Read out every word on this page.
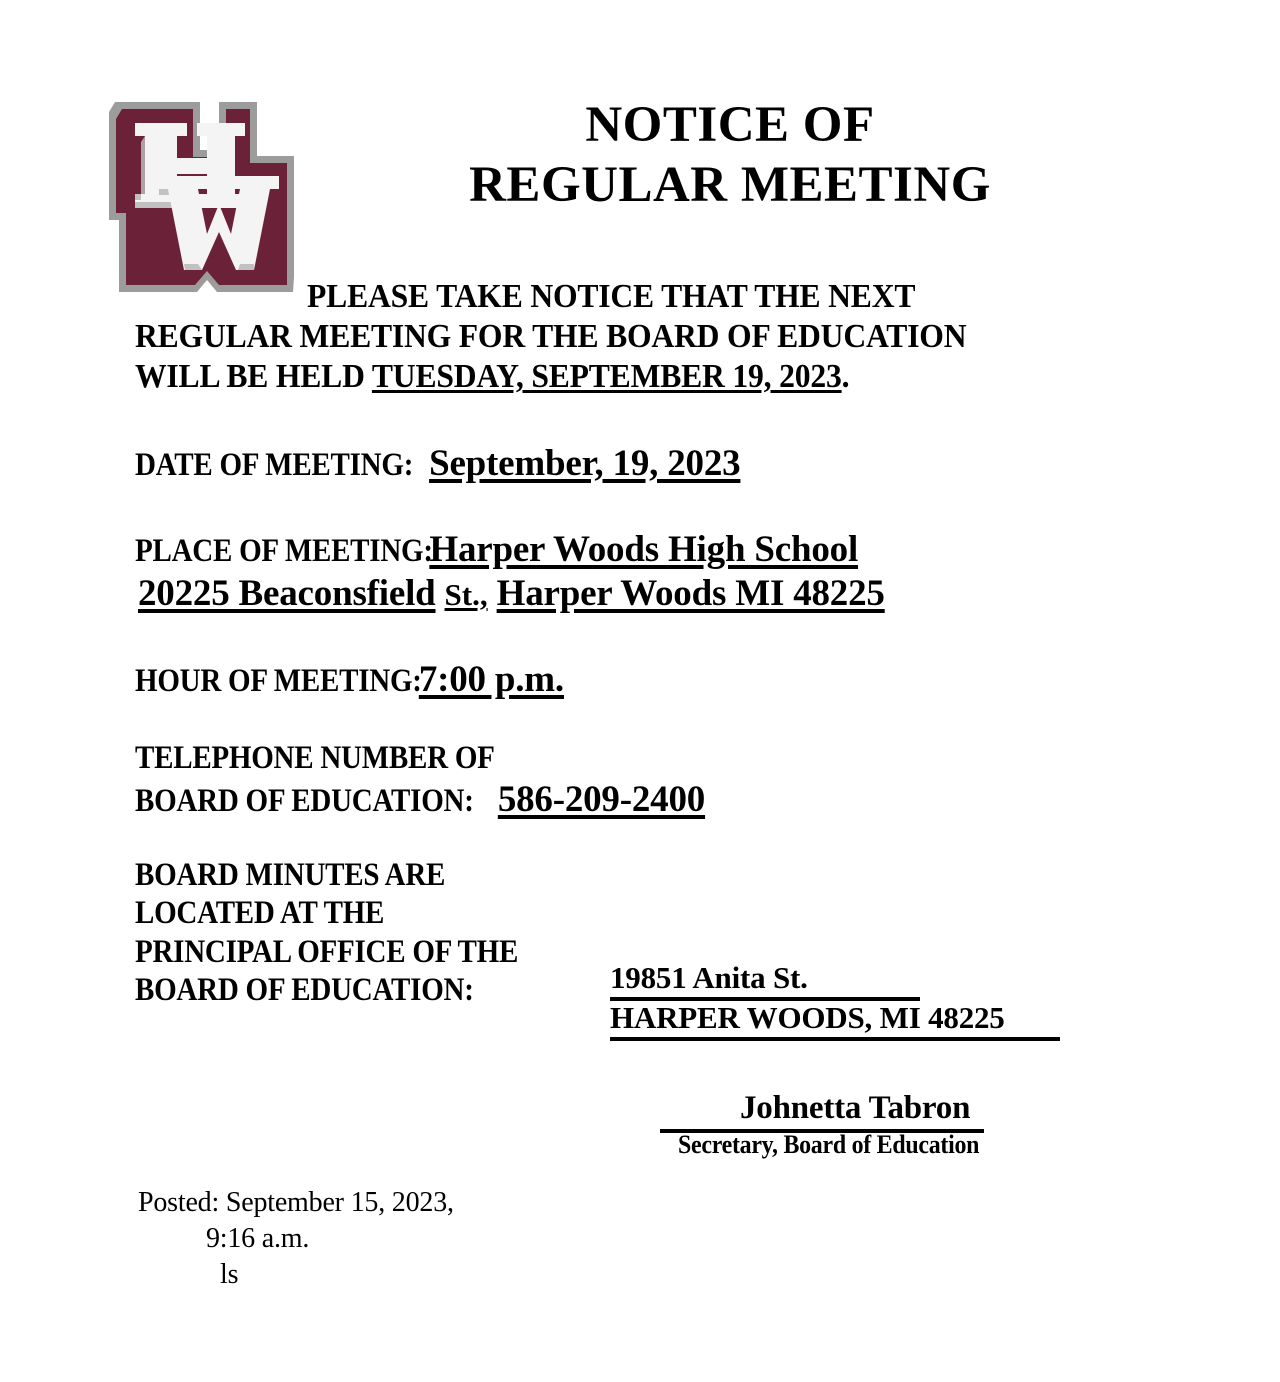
NOTICE OF
REGULAR MEETING
PLEASE TAKE NOTICE THAT THE NEXT REGULAR MEETING FOR THE BOARD OF EDUCATION WILL BE HELD TUESDAY, SEPTEMBER 19, 2023.
DATE OF MEETING: September, 19, 2023
PLACE OF MEETING:
Harper Woods High School
20225 Beaconsfield St., Harper Woods MI 48225
HOUR OF MEETING:
7:00 p.m.
TELEPHONE NUMBER OF
BOARD OF EDUCATION: 586-209-2400
BOARD MINUTES ARE
LOCATED AT THE
PRINCIPAL OFFICE OF THE
BOARD OF EDUCATION:	19851 Anita St.
HARPER WOODS, MI 48225
Johnetta Tabron
Secretary, Board of Education
Posted: September 15, 2023,
9:16 a.m.
ls
